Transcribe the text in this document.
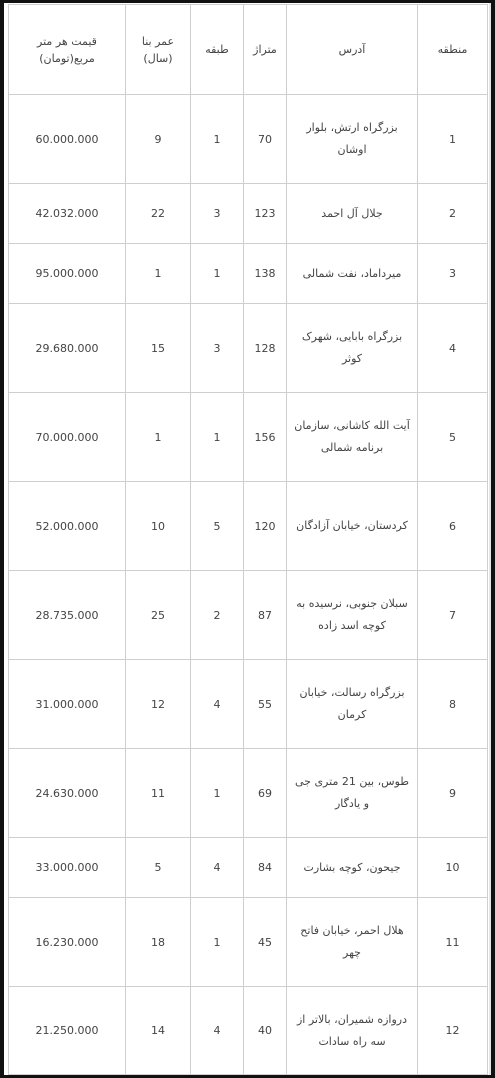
منطقه	آدرس	متراژ	طبقه	عمر بنا (سال)	قیمت هر متر مربع(تومان)
1	بزرگراه ارتش، بلوار اوشان	70	1	9	60.000.000
2	جلال آل احمد	123	3	22	42.032.000
3	میرداماد، نفت شمالی	138	1	1	95.000.000
4	بزرگراه بابایی، شهرک کوثر	128	3	15	29.680.000
5	آیت الله کاشانی، سازمان برنامه شمالی	156	1	1	70.000.000
6	کردستان، خیابان آزادگان	120	5	10	52.000.000
7	سبلان جنوبی، نرسیده به کوچه اسد زاده	87	2	25	28.735.000
8	بزرگراه رسالت، خیابان کرمان	55	4	12	31.000.000
9	طوس، بین 21 متری جی و یادگار	69	1	11	24.630.000
10	جیحون، کوچه بشارت	84	4	5	33.000.000
11	هلال احمر، خیابان فاتح چهر	45	1	18	16.230.000
12	دروازه شمیران، بالاتر از سه راه سادات	40	4	14	21.250.000
